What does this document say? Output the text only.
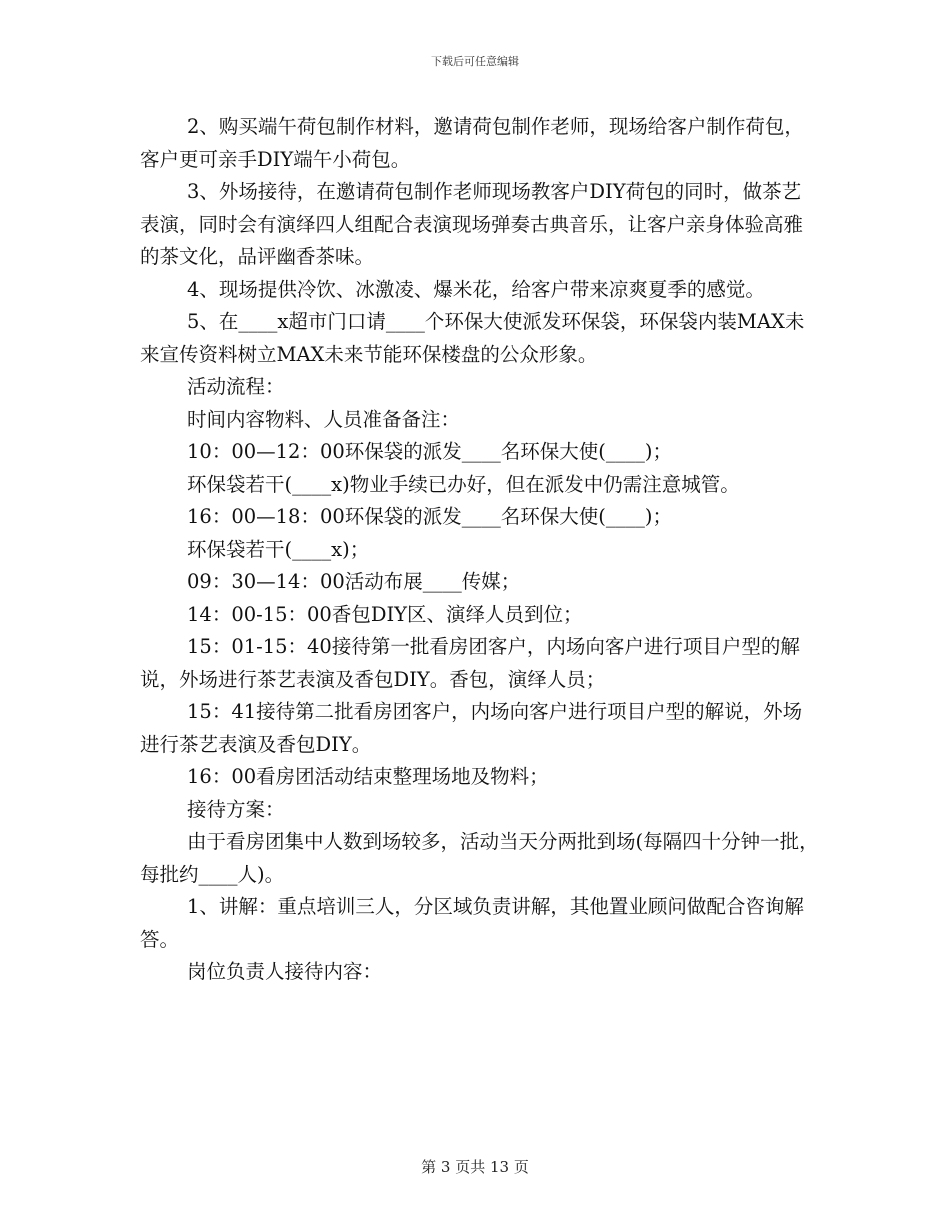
下载后可任意编辑

2、购买端午荷包制作材料，邀请荷包制作老师，现场给客户制作荷包，客户更可亲手DIY端午小荷包。

3、外场接待，在邀请荷包制作老师现场教客户DIY荷包的同时，做茶艺表演，同时会有演绎四人组配合表演现场弹奏古典音乐，让客户亲身体验高雅的茶文化，品评幽香茶味。

4、现场提供冷饮、冰激凌、爆米花，给客户带来凉爽夏季的感觉。

5、在____x超市门口请____个环保大使派发环保袋，环保袋内装MAX未来宣传资料树立MAX未来节能环保楼盘的公众形象。

活动流程：

时间内容物料、人员准备备注：

10：00—12：00环保袋的派发____名环保大使(____)；

环保袋若干(____x)物业手续已办好，但在派发中仍需注意城管。

16：00—18：00环保袋的派发____名环保大使(____)；

环保袋若干(____x)；

09：30—14：00活动布展____传媒；

14：00-15：00香包DIY区、演绎人员到位；

15：01-15：40接待第一批看房团客户，内场向客户进行项目户型的解说，外场进行茶艺表演及香包DIY。香包，演绎人员；

15：41接待第二批看房团客户，内场向客户进行项目户型的解说，外场进行茶艺表演及香包DIY。

16：00看房团活动结束整理场地及物料；

接待方案：

由于看房团集中人数到场较多，活动当天分两批到场(每隔四十分钟一批，每批约____人)。

1、讲解：重点培训三人，分区域负责讲解，其他置业顾问做配合咨询解答。

岗位负责人接待内容：

第 3 页共 13 页
